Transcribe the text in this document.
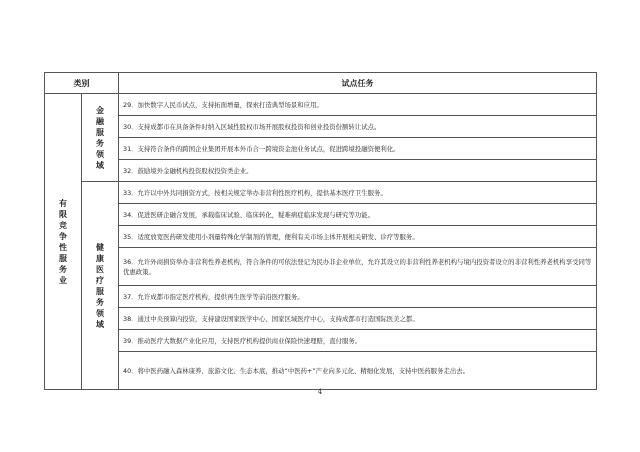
类别		试点任务

有限竞争性服务业	金融服务领域	29．加快数字人民币试点，支持拓面增量，探索打造典型场景和应用。
		30．支持成都市在具备条件时纳入区域性股权市场开展股权投资和创业投资份额转让试点。
		31．支持符合条件的跨国企业集团开展本外币合一跨境资金池业务试点，促进跨境投融资便利化。
		32．鼓励境外金融机构投资股权投资类企业。

	健康医疗服务领域	33．允许以中外共同捐资方式，按相关规定举办非营利性医疗机构，提供基本医疗卫生服务。
		34．促进医研企融合发展，承载临床试验、临床转化，疑难病症临床发现与研究等功能。
		35．适度放宽医药研发使用小剂量特殊化学制剂的管理，便利有关市场主体开展相关研发、诊疗等服务。
		36．允许外商捐资举办非营利性养老机构，符合条件的可依法登记为民办非企业单位，允许其设立的非营利性养老机构与境内投资者设立的非营利性养老机构享受同等优惠政策。
		37．允许成都市指定医疗机构，提供再生医学等前沿医疗服务。
		38．通过中央预算内投资，支持建设国家医学中心、国家区域医疗中心，支持成都市打造国际医美之都。
		39．推动医疗大数据产业化应用，支持医疗机构提供商业保险快速理赔，直付服务。
		40．将中医药融入森林康养、旅游文化、生态本底，推动“中医药+”产业向多元化、精细化发展，支持中医药服务走出去。
4
